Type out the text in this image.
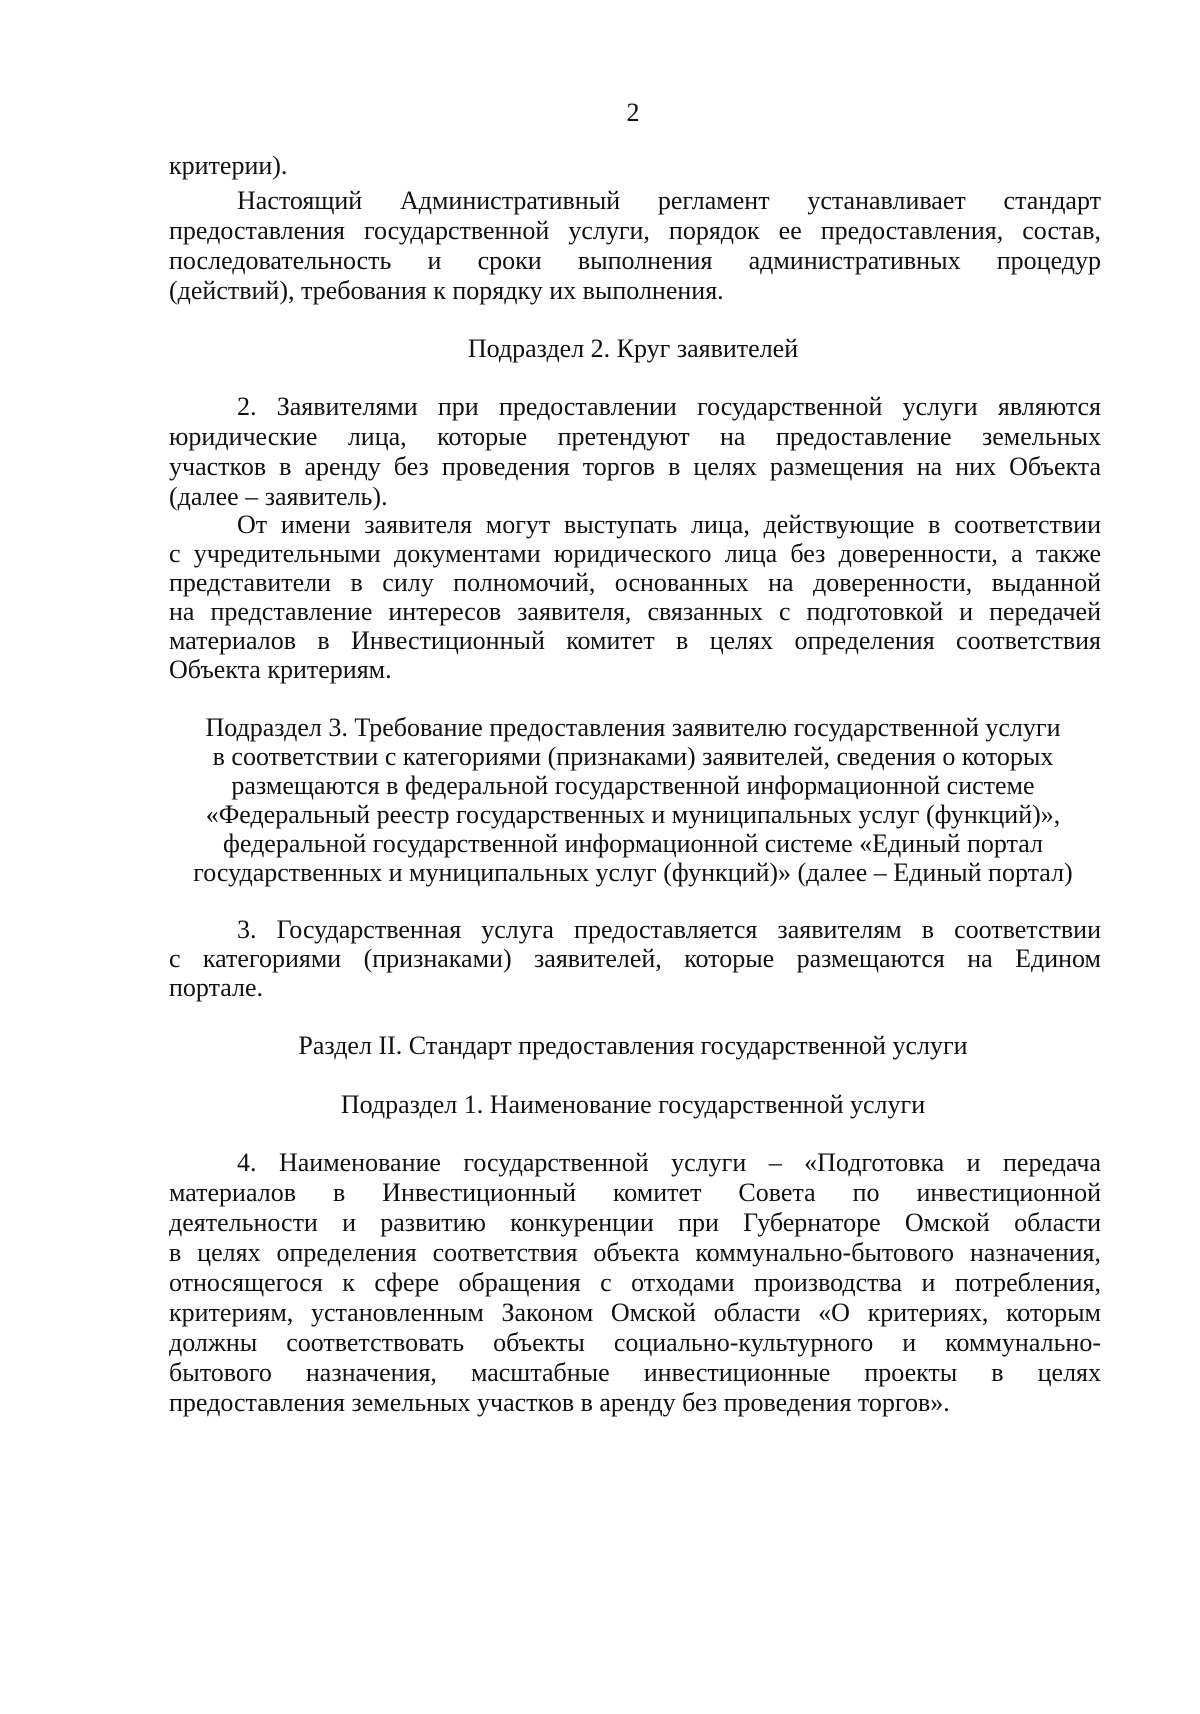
2
критерии).
Настоящий Административный регламент устанавливает стандарт
предоставления государственной услуги, порядок ее предоставления, состав,
последовательность и сроки выполнения административных процедур
(действий), требования к порядку их выполнения.
Подраздел 2. Круг заявителей
2. Заявителями при предоставлении государственной услуги являются
юридические лица, которые претендуют на предоставление земельных
участков в аренду без проведения торгов в целях размещения на них Объекта
(далее – заявитель).
От имени заявителя могут выступать лица, действующие в соответствии
с учредительными документами юридического лица без доверенности, а также
представители в силу полномочий, основанных на доверенности, выданной
на представление интересов заявителя, связанных с подготовкой и передачей
материалов в Инвестиционный комитет в целях определения соответствия
Объекта критериям.
Подраздел 3. Требование предоставления заявителю государственной услуги
в соответствии с категориями (признаками) заявителей, сведения о которых
размещаются в федеральной государственной информационной системе
«Федеральный реестр государственных и муниципальных услуг (функций)»,
федеральной государственной информационной системе «Единый портал
государственных и муниципальных услуг (функций)» (далее – Единый портал)
3. Государственная услуга предоставляется заявителям в соответствии
с категориями (признаками) заявителей, которые размещаются на Едином
портале.
Раздел II. Стандарт предоставления государственной услуги
Подраздел 1. Наименование государственной услуги
4. Наименование государственной услуги – «Подготовка и передача
материалов в Инвестиционный комитет Совета по инвестиционной
деятельности и развитию конкуренции при Губернаторе Омской области
в целях определения соответствия объекта коммунально-бытового назначения,
относящегося к сфере обращения с отходами производства и потребления,
критериям, установленным Законом Омской области «О критериях, которым
должны соответствовать объекты социально-культурного и коммунально-
бытового назначения, масштабные инвестиционные проекты в целях
предоставления земельных участков в аренду без проведения торгов».
